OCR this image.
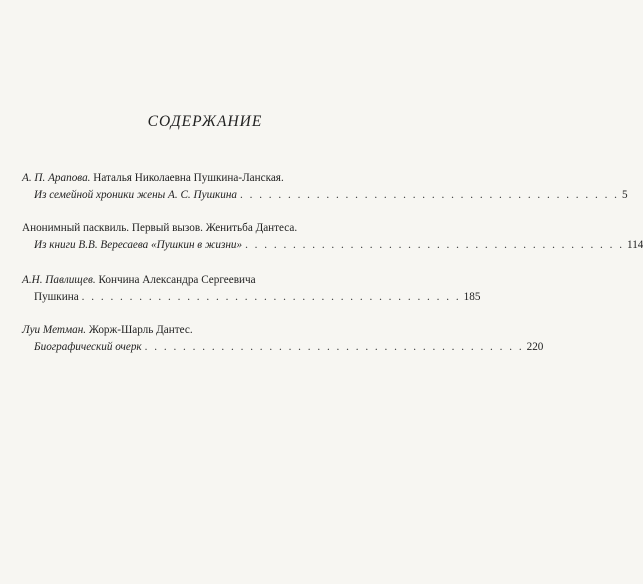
СОДЕРЖАНИЕ
А. П. Арапова. Наталья Николаевна Пушкина-Ланская.
Из семейной хроники жены А. С. Пушкина . . . . . . . . . . . . . . . . . . . . . . . . . . . . . . . . . . . . . . . . 5
Анонимный пасквиль. Первый вызов. Женитьба Дантеса.
Из книги В.В. Вересаева «Пушкин в жизни» . . . . . . . . . . . . . . . . . . . . . . . . . . . . . . . . . . . . . . . . 114
А.Н. Павлищев. Кончина Александра Сергеевича
Пушкина . . . . . . . . . . . . . . . . . . . . . . . . . . . . . . . . . . . . . . . . 185
Луи Метман. Жорж-Шарль Дантес.
Биографический очерк . . . . . . . . . . . . . . . . . . . . . . . . . . . . . . . . . . . . . . . . 220
